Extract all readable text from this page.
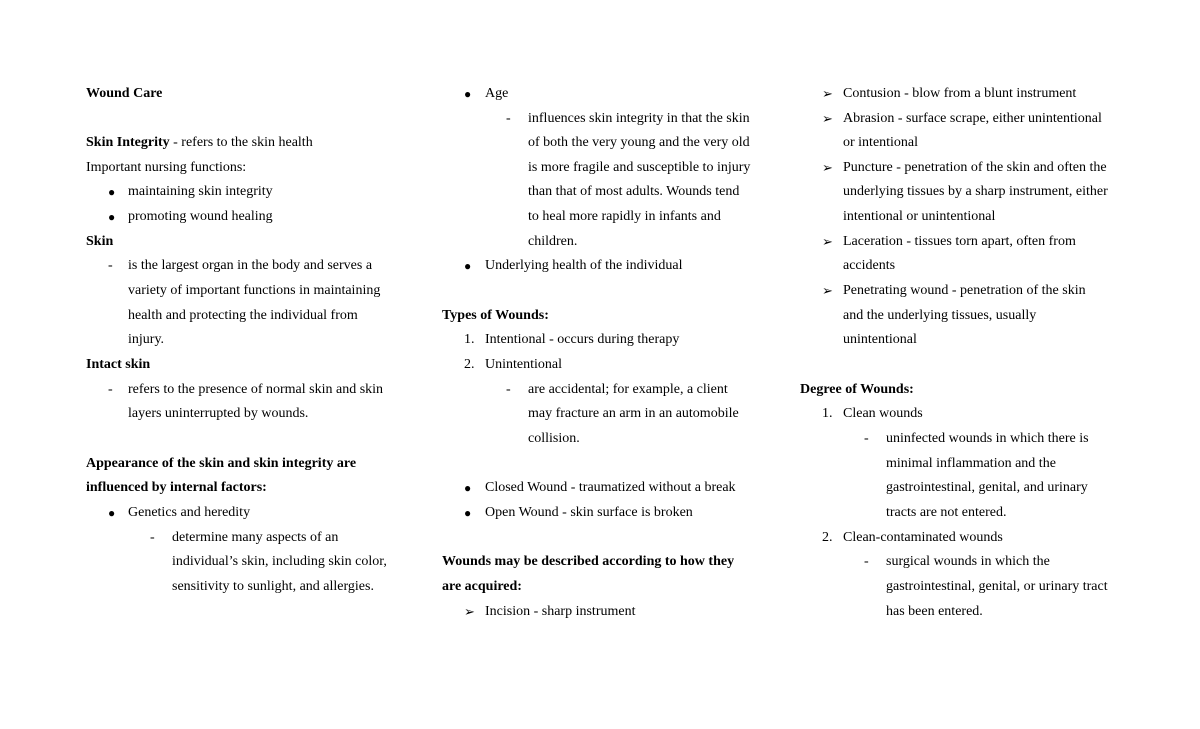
Wound Care
Skin Integrity - refers to the skin health
Important nursing functions:
● maintaining skin integrity
● promoting wound healing
Skin
- is the largest organ in the body and serves a
variety of important functions in maintaining
health and protecting the individual from
injury.
Intact skin
- refers to the presence of normal skin and skin
layers uninterrupted by wounds.
Appearance of the skin and skin integrity are
influenced by internal factors:
● Genetics and heredity
- determine many aspects of an
individual’s skin, including skin color,
sensitivity to sunlight, and allergies.
● Age
- influences skin integrity in that the skin
of both the very young and the very old
is more fragile and susceptible to injury
than that of most adults. Wounds tend
to heal more rapidly in infants and
children.
● Underlying health of the individual
Types of Wounds:
1. Intentional - occurs during therapy
2. Unintentional
- are accidental; for example, a client
may fracture an arm in an automobile
collision.
● Closed Wound - traumatized without a break
● Open Wound - skin surface is broken
Wounds may be described according to how they
are acquired:
➢ Incision - sharp instrument
➢ Contusion - blow from a blunt instrument
➢ Abrasion - surface scrape, either unintentional
or intentional
➢ Puncture - penetration of the skin and often the
underlying tissues by a sharp instrument, either
intentional or unintentional
➢ Laceration - tissues torn apart, often from
accidents
➢ Penetrating wound - penetration of the skin
and the underlying tissues, usually
unintentional
Degree of Wounds:
1. Clean wounds
- uninfected wounds in which there is
minimal inflammation and the
gastrointestinal, genital, and urinary
tracts are not entered.
2. Clean-contaminated wounds
- surgical wounds in which the
gastrointestinal, genital, or urinary tract
has been entered.
